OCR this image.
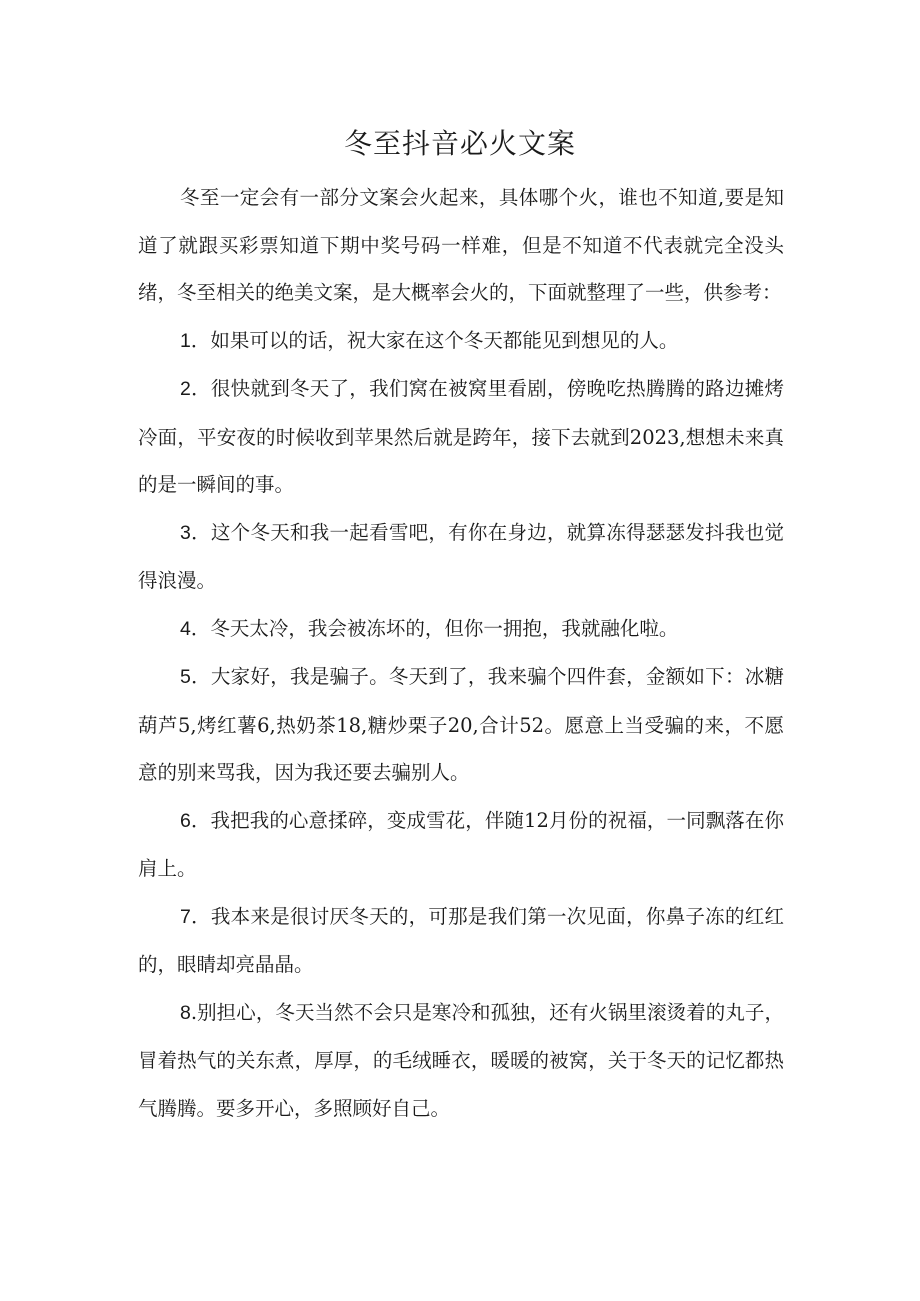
冬至抖音必火文案

冬至一定会有一部分文案会火起来，具体哪个火，谁也不知道,要是知道了就跟买彩票知道下期中奖号码一样难，但是不知道不代表就完全没头绪，冬至相关的绝美文案，是大概率会火的，下面就整理了一些，供参考：

1．如果可以的话，祝大家在这个冬天都能见到想见的人。

2．很快就到冬天了，我们窝在被窝里看剧，傍晚吃热腾腾的路边摊烤冷面，平安夜的时候收到苹果然后就是跨年，接下去就到2023,想想未来真的是一瞬间的事。

3．这个冬天和我一起看雪吧，有你在身边，就算冻得瑟瑟发抖我也觉得浪漫。

4．冬天太冷，我会被冻坏的，但你一拥抱，我就融化啦。

5．大家好，我是骗子。冬天到了，我来骗个四件套，金额如下：冰糖葫芦5,烤红薯6,热奶茶18,糖炒栗子20,合计52。愿意上当受骗的来，不愿意的别来骂我，因为我还要去骗别人。

6．我把我的心意揉碎，变成雪花，伴随12月份的祝福，一同飘落在你肩上。

7．我本来是很讨厌冬天的，可那是我们第一次见面，你鼻子冻的红红的，眼睛却亮晶晶。

8.别担心，冬天当然不会只是寒冷和孤独，还有火锅里滚烫着的丸子，冒着热气的关东煮，厚厚，的毛绒睡衣，暖暖的被窝，关于冬天的记忆都热气腾腾。要多开心，多照顾好自己。
